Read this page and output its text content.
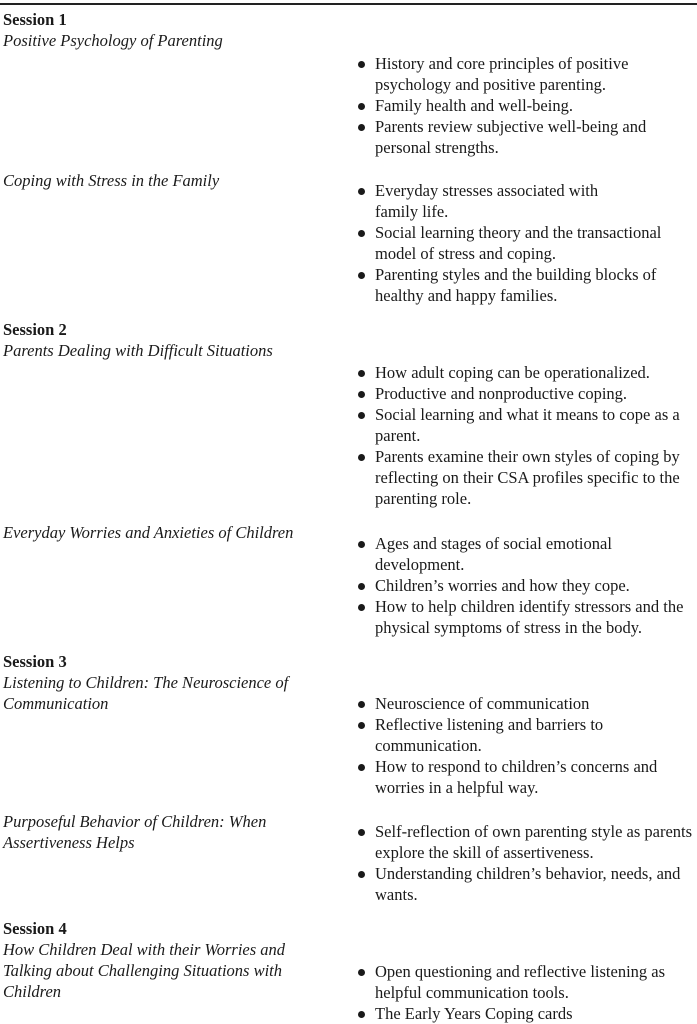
Session 1
Positive Psychology of Parenting
History and core principles of positive psychology and positive parenting.
Family health and well-being.
Parents review subjective well-being and personal strengths.
Coping with Stress in the Family
Everyday stresses associated with family life.
Social learning theory and the transactional model of stress and coping.
Parenting styles and the building blocks of healthy and happy families.
Session 2
Parents Dealing with Difficult Situations
How adult coping can be operationalized.
Productive and nonproductive coping.
Social learning and what it means to cope as a parent.
Parents examine their own styles of coping by reflecting on their CSA profiles specific to the parenting role.
Everyday Worries and Anxieties of Children
Ages and stages of social emotional development.
Children’s worries and how they cope.
How to help children identify stressors and the physical symptoms of stress in the body.
Session 3
Listening to Children: The Neuroscience of Communication	Neuroscience of communication
Reflective listening and barriers to communication.
How to respond to children’s concerns and worries in a helpful way.
Purposeful Behavior of Children: When Assertiveness Helps
Self-reflection of own parenting style as parents explore the skill of assertiveness.
Understanding children’s behavior, needs, and wants.
Session 4
How Children Deal with their Worries and Talking about Challenging Situations with Children
Open questioning and reflective listening as helpful communication tools.
The Early Years Coping cards
